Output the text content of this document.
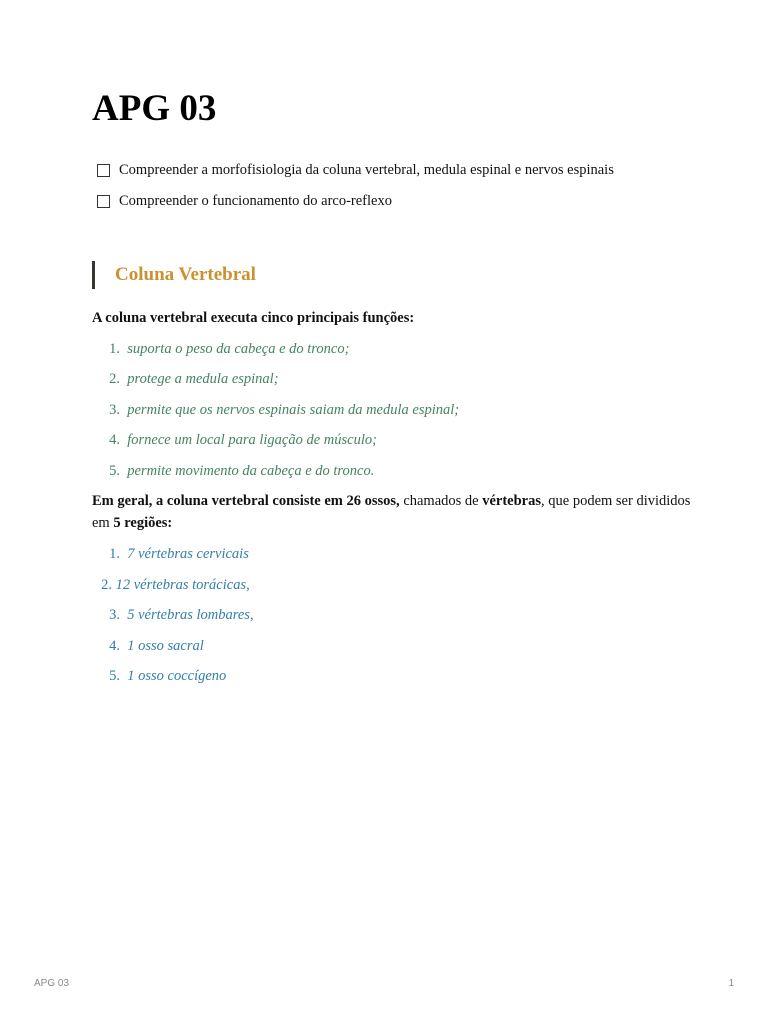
APG 03
Compreender a morfofisiologia da coluna vertebral, medula espinal e nervos espinais
Compreender o funcionamento do arco-reflexo
Coluna Vertebral

A coluna vertebral executa cinco principais funções:

1. suporta o peso da cabeça e do tronco;
2. protege a medula espinal;
3. permite que os nervos espinais saiam da medula espinal;
4. fornece um local para ligação de músculo;
5. permite movimento da cabeça e do tronco.

Em geral, a coluna vertebral consiste em 26 ossos, chamados de vértebras, que podem ser divididos em 5 regiões:

1. 7 vértebras cervicais
2. 12 vértebras torácicas,
3. 5 vértebras lombares,
4. 1 osso sacral
5. 1 osso coccígeno
APG 03	1
